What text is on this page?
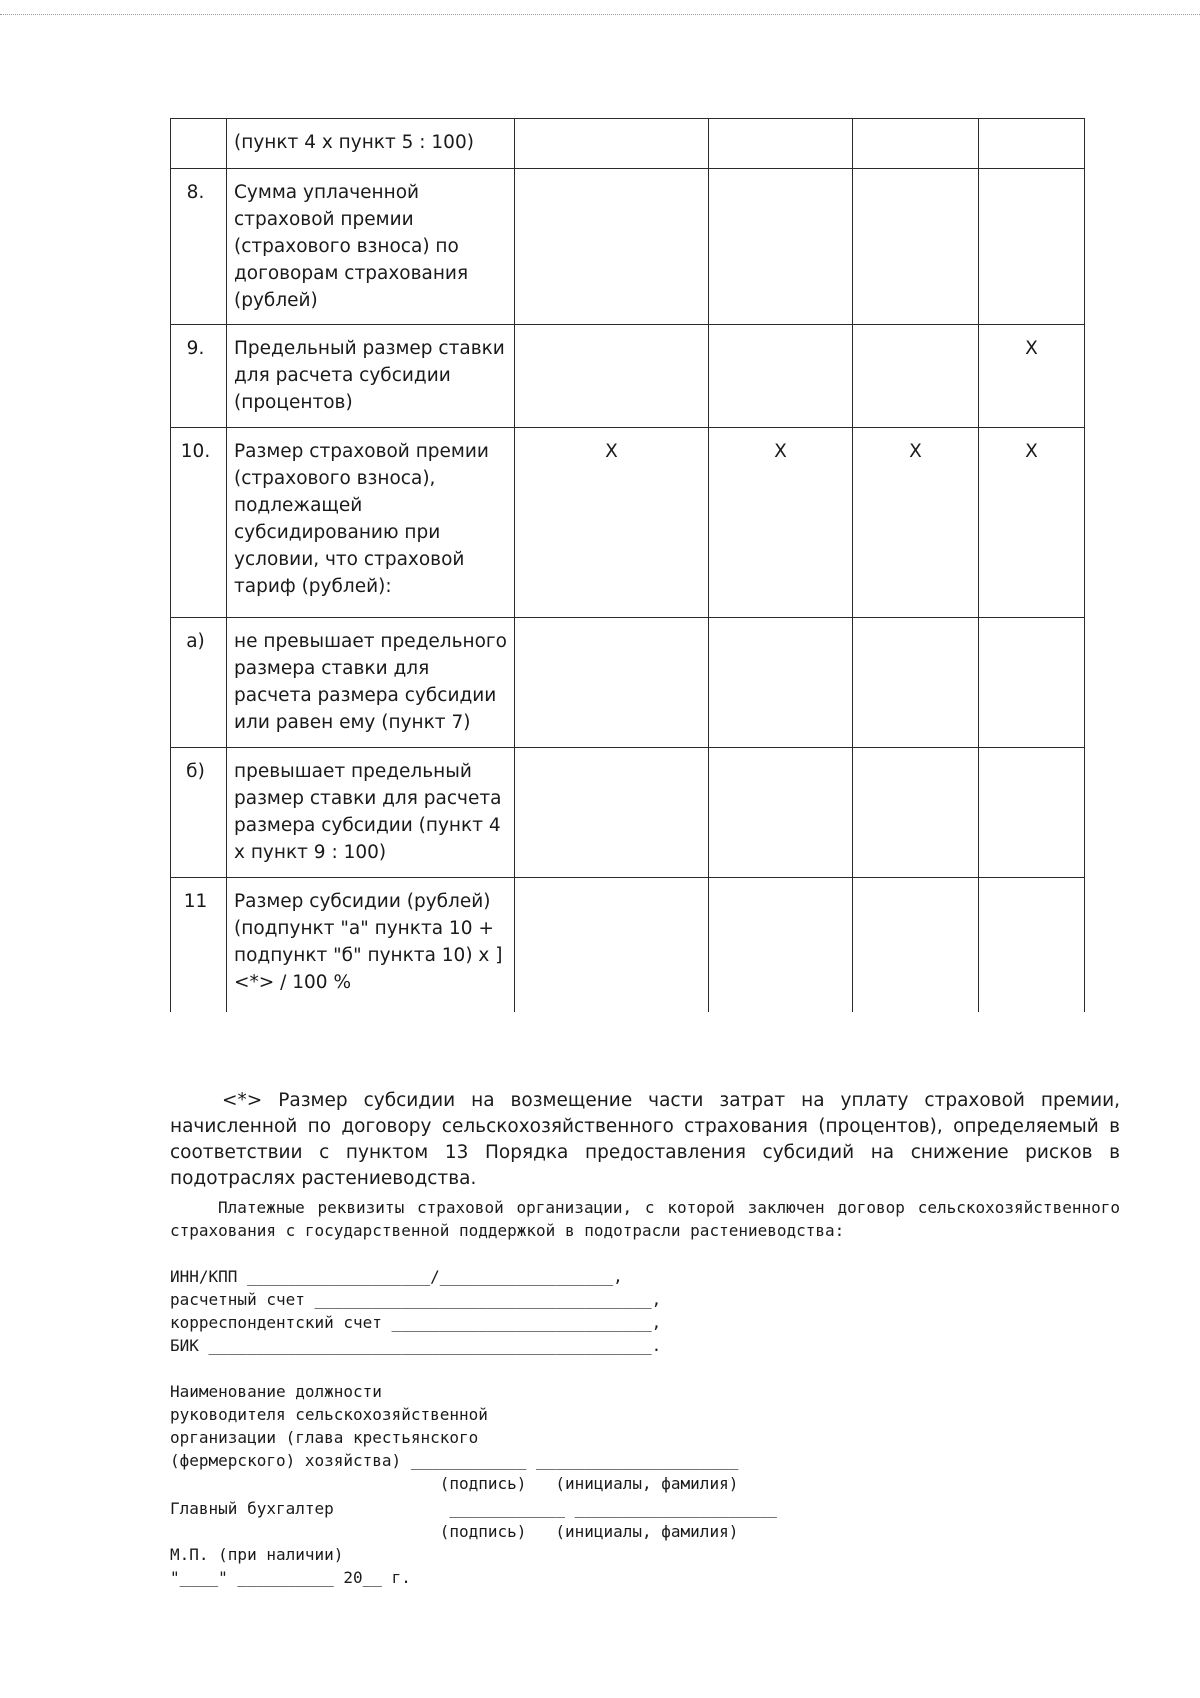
	(пункт 4 х пункт 5 : 100)				
8.	Сумма уплаченной страховой премии (страхового взноса) по договорам страхования (рублей)				
9.	Предельный размер ставки для расчета субсидии (процентов)				X
10.	Размер страховой премии (страхового взноса), подлежащей субсидированию при условии, что страховой тариф (рублей):	X	X	X	X
а)	не превышает предельного размера ставки для расчета размера субсидии или равен ему (пункт 7)				
б)	превышает предельный размер ставки для расчета размера субсидии (пункт 4 х пункт 9 : 100)				
11	Размер субсидии (рублей) (подпункт "а" пункта 10 + подпункт "б" пункта 10) х ] <*> / 100 %				

<*> Размер субсидии на возмещение части затрат на уплату страховой премии, начисленной по договору сельскохозяйственного страхования (процентов), определяемый в соответствии с пунктом 13 Порядка предоставления субсидий на снижение рисков в подотраслях растениеводства.

Платежные реквизиты страховой организации, с которой заключен договор сельскохозяйственного страхования с государственной поддержкой в подотрасли растениеводства:
ИНН/КПП ___________________/__________________,
расчетный счет ___________________________________,
корреспондентский счет ___________________________,
БИК ______________________________________________.
Наименование должности
руководителя сельскохозяйственной
организации (глава крестьянского
(фермерского) хозяйства) ____________ _____________________
(подпись)   (инициалы, фамилия)
Главный бухгалтер            ____________ _____________________
(подпись)   (инициалы, фамилия)
М.П. (при наличии)
"____" __________ 20__ г.
